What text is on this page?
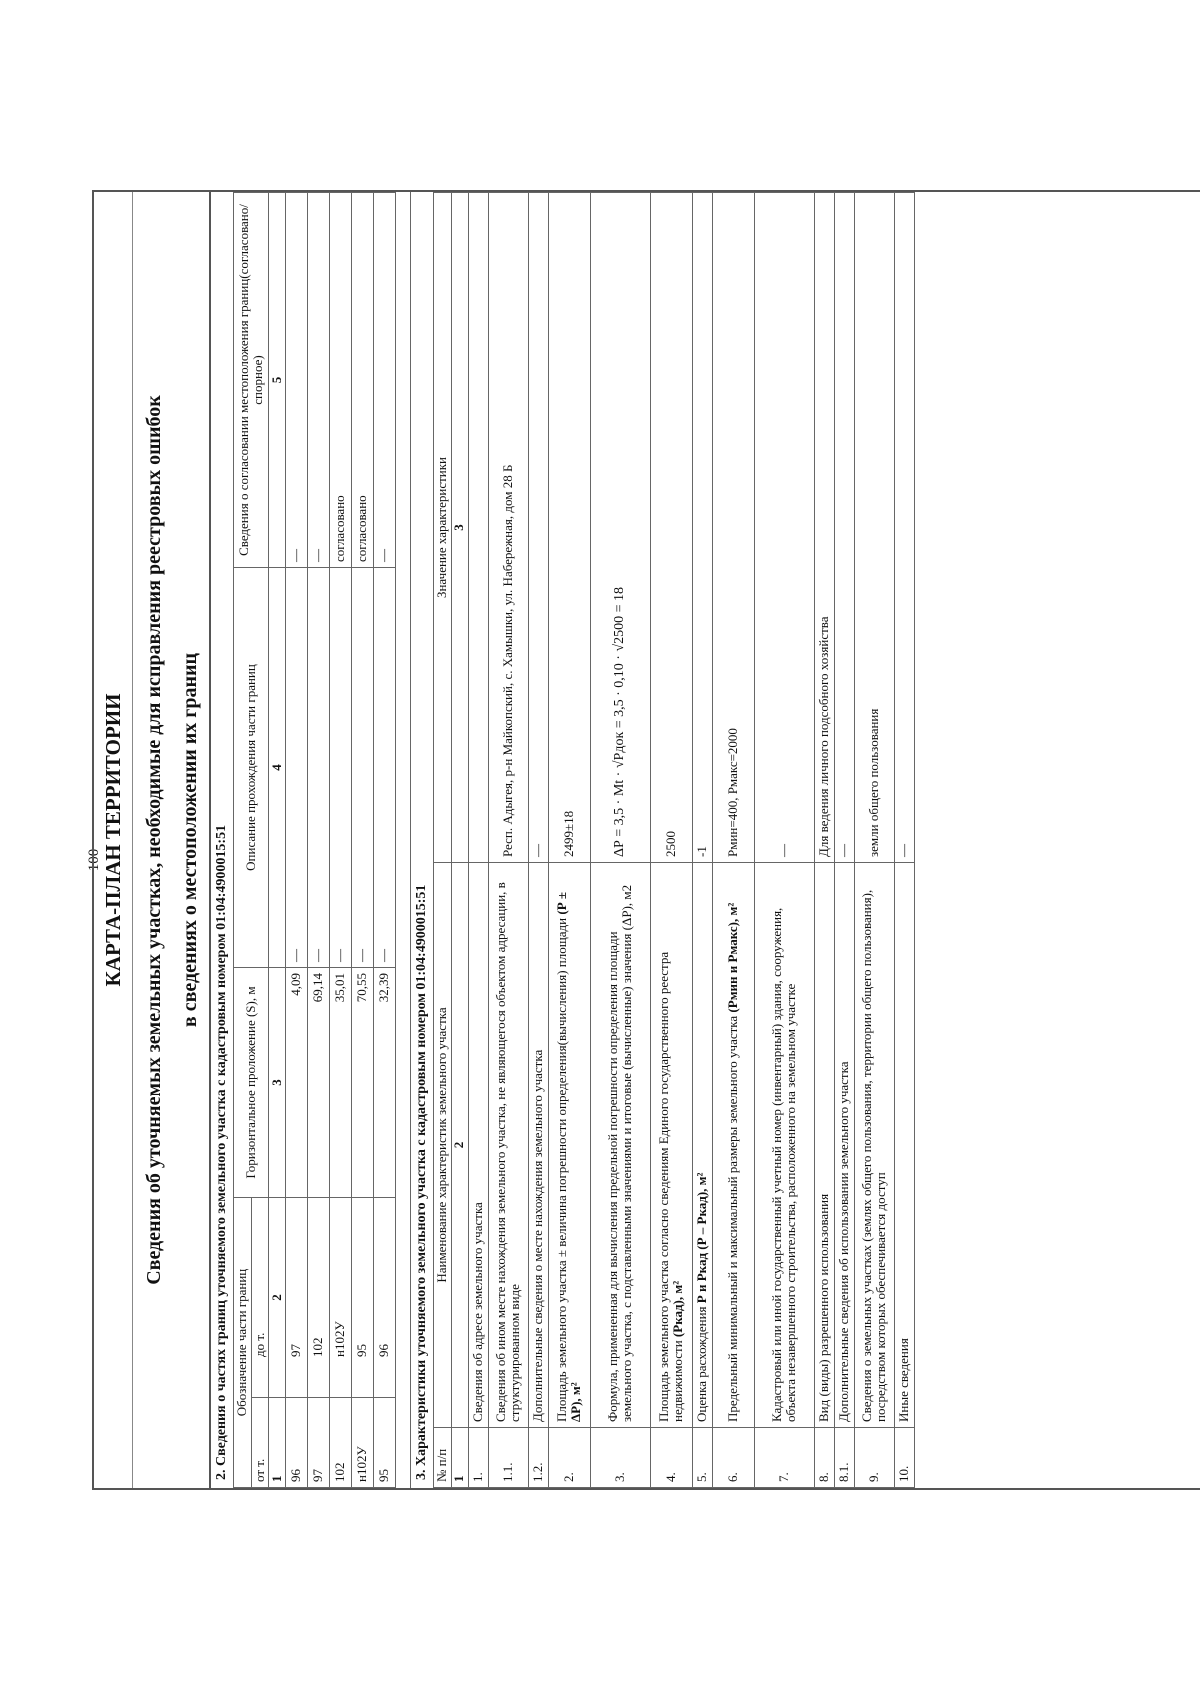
100 КАРТА-ПЛАН ТЕРРИТОРИИ Сведения об уточняемых земельных участках, необходимые для исправления реестровых ошибок в сведениях о местоположении их границ 2. Сведения о частях границ уточняемого земельного участка с кадастровым номером 01:04:4900015:51 Обозначение части границ		Горизонтальное проложение (S), м	Описание прохождения части границ	Сведения о согласовании местоположения границ(согласовано/спорное)
от т.	до т.			
1	2	3	4	5
96	97	4,09	—	—
97	102	69,14	—	—
102	н102У	35,01	—	согласовано
н102У	95	70,55	—	согласовано
95	96	32,39	—	—
3. Характеристики уточняемого земельного участка с кадастровым номером 01:04:4900015:51 № п/п	Наименование характеристик земельного участка	Значение характеристики
1	2	3
1.	Сведения об адресе земельного участка	
1.1.	Сведения об ином месте нахождения земельного участка, не являющегося объектом адресации, в структурированном виде	Респ. Адыгея, р-н Майкопский, с. Хамышки, ул. Набережная, дом 28 Б
1.2.	Дополнительные сведения о месте нахождения земельного участка	—
2.	Площадь земельного участка ± величина погрешности определения(вычисления) площади (Р ± ΔР), м²	2499±18
3.	Формула, примененная для вычисления предельной погрешности определения площади земельного участка, с подставленными значениями и итоговые (вычисленные) значения (ΔР), м2	ΔР = 3,5 · Мt · √Pдок = 3,5 · 0,10 · √2500 = 18
4.	Площадь земельного участка согласно сведениям Единого государственного реестра недвижимости (Ркад), м²	2500
5.	Оценка расхождения Р и Ркад (Р – Ркад), м²	-1
6.	Предельный минимальный и максимальный размеры земельного участка (Рмин и Рмакс), м²	Рмин=400, Рмакс=2000
7.	Кадастровый или иной государственный учетный номер (инвентарный) здания, сооружения, объекта незавершенного строительства, расположенного на земельном участке	—
8.	Вид (виды) разрешенного использования	Для ведения личного подсобного хозяйства
8.1.	Дополнительные сведения об использовании земельного участка	—
9.	Сведения о земельных участках (землях общего пользования, территории общего пользования), посредством которых обеспечивается доступ	земли общего пользования
10.	Иные сведения	—
